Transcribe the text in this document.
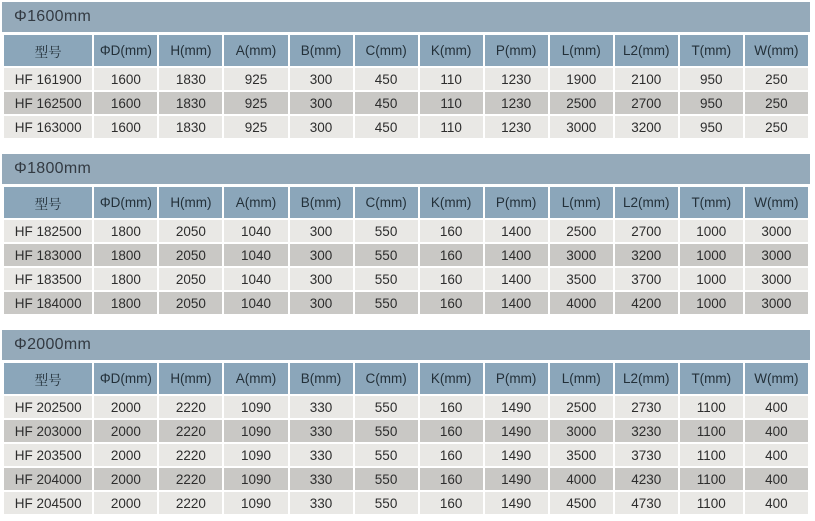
Φ1600mm
型号	ΦD(mm)	H(mm)	A(mm)	B(mm)	C(mm)	K(mm)	P(mm)	L(mm)	L2(mm)	T(mm)	W(mm)
HF 161900	1600	1830	925	300	450	110	1230	1900	2100	950	250
HF 162500	1600	1830	925	300	450	110	1230	2500	2700	950	250
HF 163000	1600	1830	925	300	450	110	1230	3000	3200	950	250
Φ1800mm
型号	ΦD(mm)	H(mm)	A(mm)	B(mm)	C(mm)	K(mm)	P(mm)	L(mm)	L2(mm)	T(mm)	W(mm)
HF 182500	1800	2050	1040	300	550	160	1400	2500	2700	1000	3000
HF 183000	1800	2050	1040	300	550	160	1400	3000	3200	1000	3000
HF 183500	1800	2050	1040	300	550	160	1400	3500	3700	1000	3000
HF 184000	1800	2050	1040	300	550	160	1400	4000	4200	1000	3000
Φ2000mm
型号	ΦD(mm)	H(mm)	A(mm)	B(mm)	C(mm)	K(mm)	P(mm)	L(mm)	L2(mm)	T(mm)	W(mm)
HF 202500	2000	2220	1090	330	550	160	1490	2500	2730	1100	400
HF 203000	2000	2220	1090	330	550	160	1490	3000	3230	1100	400
HF 203500	2000	2220	1090	330	550	160	1490	3500	3730	1100	400
HF 204000	2000	2220	1090	330	550	160	1490	4000	4230	1100	400
HF 204500	2000	2220	1090	330	550	160	1490	4500	4730	1100	400
